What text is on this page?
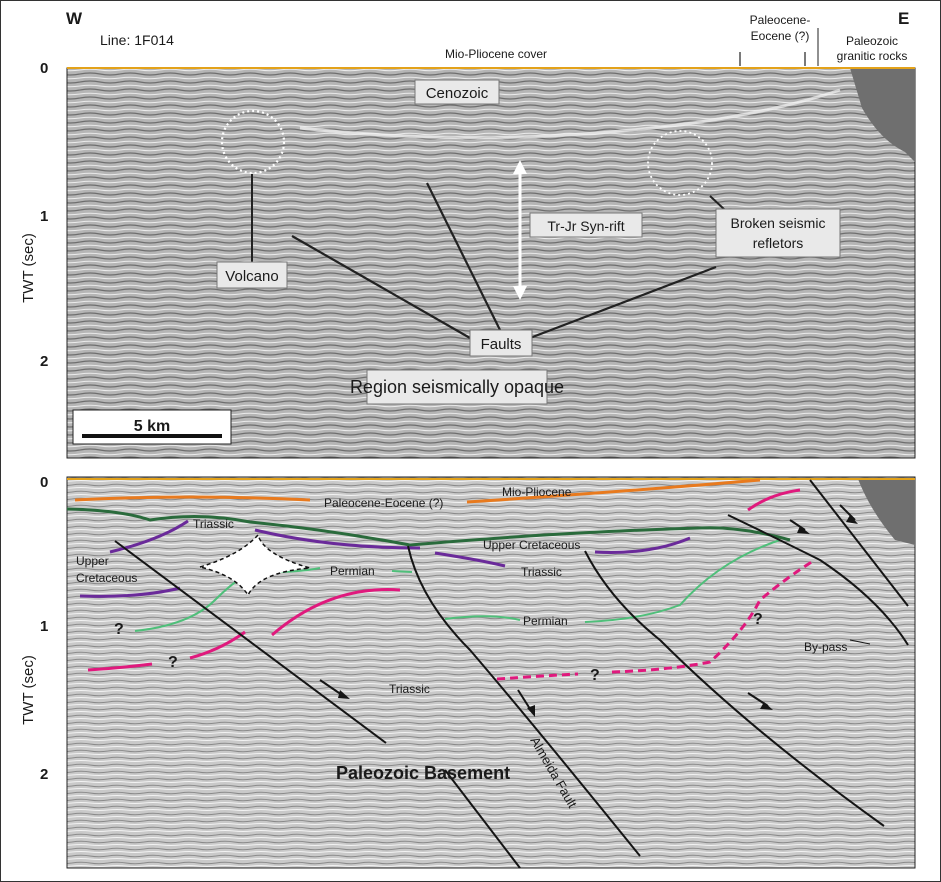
W	E
Line: 1F014
Mio-Pliocene cover
Paleocene-
Eocene (?)	Paleozoic
granitic rocks
0
1
2
TWT (sec)
Cenozoic
Tr-Jr Syn-rift	Broken seismic
refletors
Volcano
Faults
Region seismically opaque
5 km
0
1
2
TWT (sec)
Mio-Pliocene
Paleocene-Eocene (?)
Triassic
Upper Cretaceous
Upper
Cretaceous	Permian	Triassic
Permian
Triassic
By-pass
Almeida Fault
Paleozoic Basement
?
?
?
?
